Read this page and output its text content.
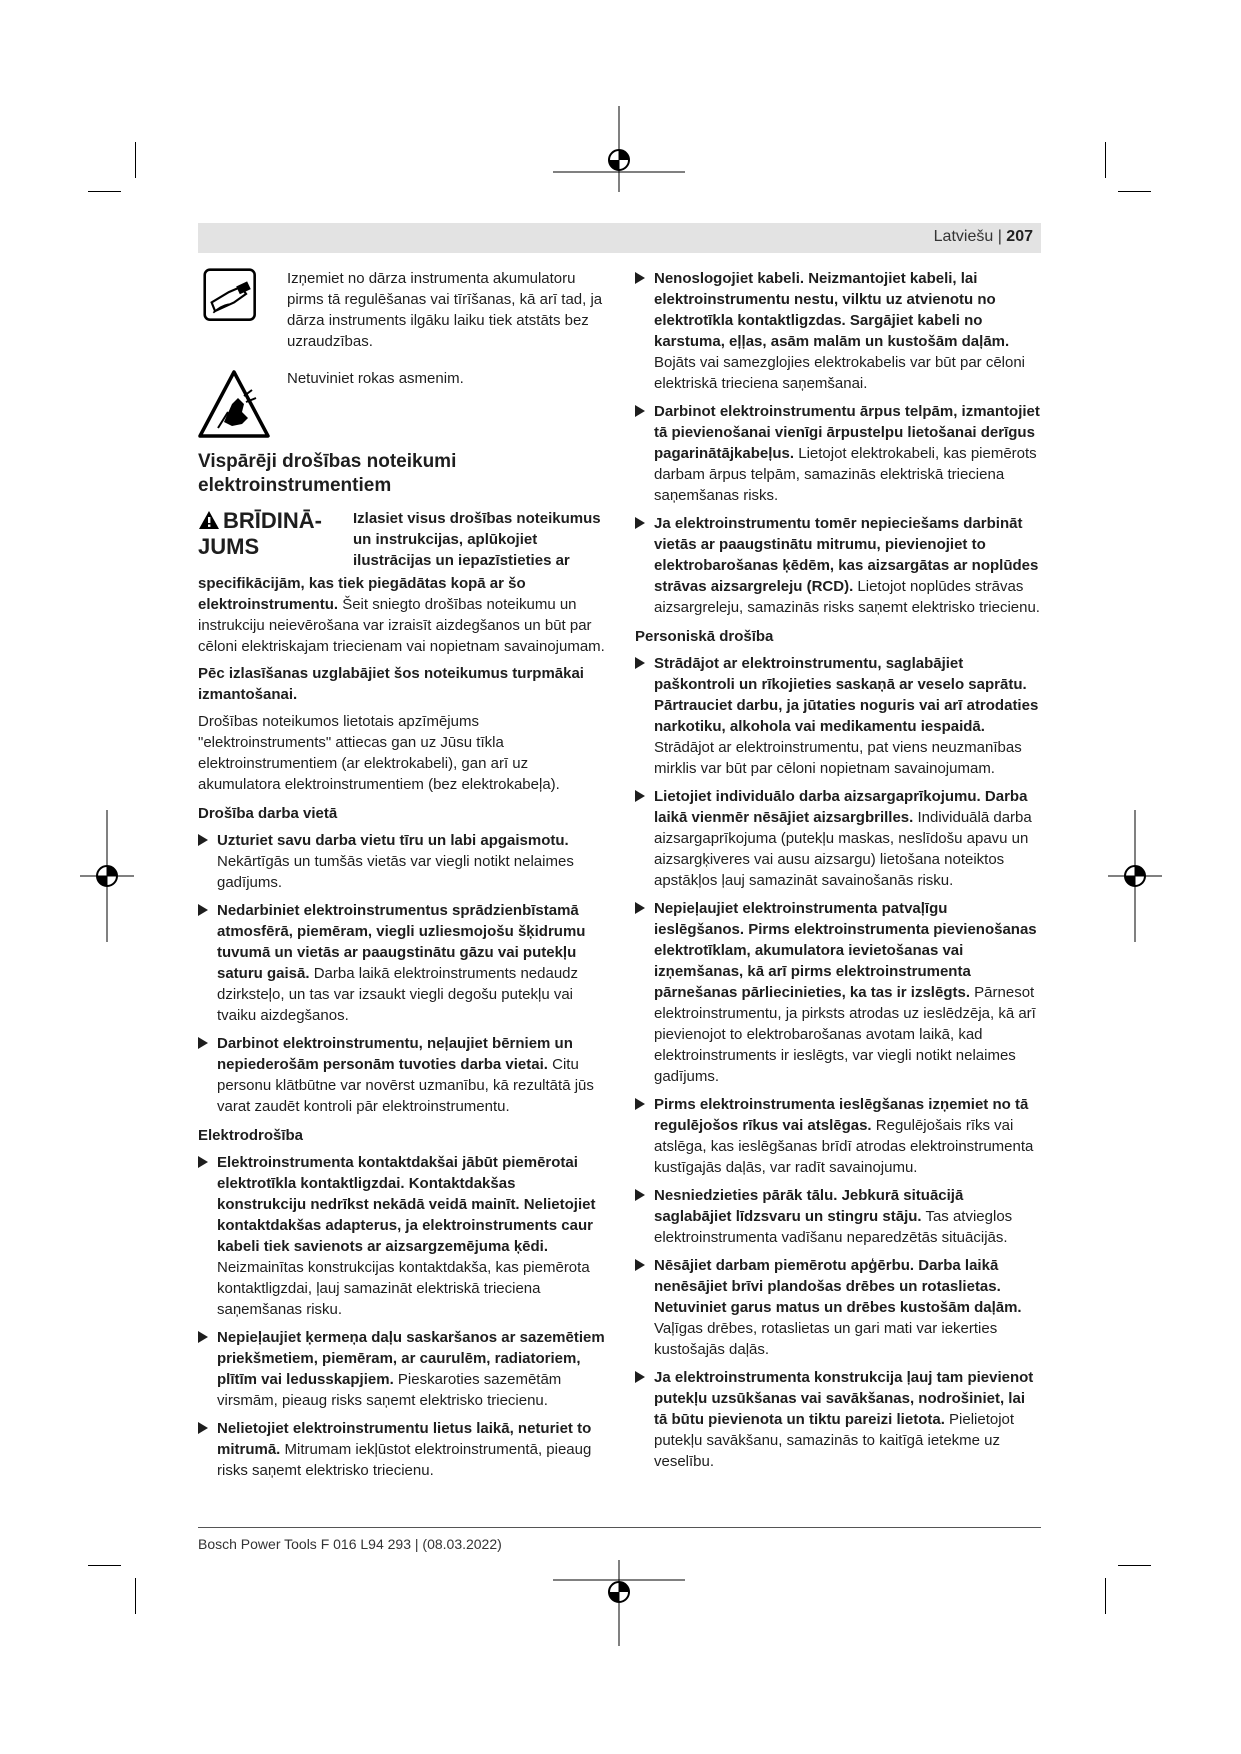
Latviešu | 207
Izņemiet no dārza instrumenta akumulatoru pirms tā regulēšanas vai tīrīšanas, kā arī tad, ja dārza instruments ilgāku laiku tiek atstāts bez uzraudzības.
Netuviniet rokas asmenim.
Vispārēji drošības noteikumi elektroinstrumentiem
BRĪDINĀ-JUMS
Izlasiet visus drošības noteikumus un instrukcijas, aplūkojiet ilustrācijas un iepazīstieties ar
specifikācijām, kas tiek piegādātas kopā ar šo elektroinstrumentu. Šeit sniegto drošības noteikumu un instrukciju neievērošana var izraisīt aizdegšanos un būt par cēloni elektriskajam triecienam vai nopietnam savainojumam.
Pēc izlasīšanas uzglabājiet šos noteikumus turpmākai izmantošanai.
Drošības noteikumos lietotais apzīmējums "elektroinstruments" attiecas gan uz Jūsu tīkla elektroinstrumentiem (ar elektrokabeli), gan arī uz akumulatora elektroinstrumentiem (bez elektrokabeļa).
Drošība darba vietā
Uzturiet savu darba vietu tīru un labi apgaismotu. Nekārtīgās un tumšās vietās var viegli notikt nelaimes gadījums.
Nedarbiniet elektroinstrumentus sprādzienbīstamā atmosfērā, piemēram, viegli uzliesmojošu šķidrumu tuvumā un vietās ar paaugstinātu gāzu vai putekļu saturu gaisā. Darba laikā elektroinstruments nedaudz dzirksteļo, un tas var izsaukt viegli degošu putekļu vai tvaiku aizdegšanos.
Darbinot elektroinstrumentu, neļaujiet bērniem un nepiederošām personām tuvoties darba vietai. Citu personu klātbūtne var novērst uzmanību, kā rezultātā jūs varat zaudēt kontroli pār elektroinstrumentu.
Elektrodrošība
Elektroinstrumenta kontaktdakšai jābūt piemērotai elektrotīkla kontaktligzdai. Kontaktdakšas konstrukciju nedrīkst nekādā veidā mainīt. Nelietojiet kontaktdakšas adapterus, ja elektroinstruments caur kabeli tiek savienots ar aizsargzemējuma ķēdi. Neizmainītas konstrukcijas kontaktdakša, kas piemērota kontaktligzdai, ļauj samazināt elektriskā trieciena saņemšanas risku.
Nepieļaujiet ķermeņa daļu saskaršanos ar sazemētiem priekšmetiem, piemēram, ar caurulēm, radiatoriem, plītīm vai ledusskapjiem. Pieskaroties sazemētām virsmām, pieaug risks saņemt elektrisko triecienu.
Nelietojiet elektroinstrumentu lietus laikā, neturiet to mitrumā. Mitrumam iekļūstot elektroinstrumentā, pieaug risks saņemt elektrisko triecienu.
Nenoslogojiet kabeli. Neizmantojiet kabeli, lai elektroinstrumentu nestu, vilktu uz atvienotu no elektrotīkla kontaktligzdas. Sargājiet kabeli no karstuma, eļļas, asām malām un kustošām daļām. Bojāts vai samezglojies elektrokabelis var būt par cēloni elektriskā trieciena saņemšanai.
Darbinot elektroinstrumentu ārpus telpām, izmantojiet tā pievienošanai vienīgi ārpustelpu lietošanai derīgus pagarinātājkabeļus. Lietojot elektrokabeli, kas piemērots darbam ārpus telpām, samazinās elektriskā trieciena saņemšanas risks.
Ja elektroinstrumentu tomēr nepieciešams darbināt vietās ar paaugstinātu mitrumu, pievienojiet to elektrobarošanas ķēdēm, kas aizsargātas ar noplūdes strāvas aizsargreleju (RCD). Lietojot noplūdes strāvas aizsargreleju, samazinās risks saņemt elektrisko triecienu.
Personiskā drošība
Strādājot ar elektroinstrumentu, saglabājiet paškontroli un rīkojieties saskaņā ar veselo saprātu. Pārtrauciet darbu, ja jūtaties noguris vai arī atrodaties narkotiku, alkohola vai medikamentu iespaidā. Strādājot ar elektroinstrumentu, pat viens neuzmanības mirklis var būt par cēloni nopietnam savainojumam.
Lietojiet individuālo darba aizsargaprīkojumu. Darba laikā vienmēr nēsājiet aizsargbrilles. Individuālā darba aizsargaprīkojuma (putekļu maskas, neslīdošu apavu un aizsargķiveres vai ausu aizsargu) lietošana noteiktos apstākļos ļauj samazināt savainošanās risku.
Nepieļaujiet elektroinstrumenta patvaļīgu ieslēgšanos. Pirms elektroinstrumenta pievienošanas elektrotīklam, akumulatora ievietošanas vai izņemšanas, kā arī pirms elektroinstrumenta pārnešanas pārliecinieties, ka tas ir izslēgts. Pārnesot elektroinstrumentu, ja pirksts atrodas uz ieslēdzēja, kā arī pievienojot to elektrobarošanas avotam laikā, kad elektroinstruments ir ieslēgts, var viegli notikt nelaimes gadījums.
Pirms elektroinstrumenta ieslēgšanas izņemiet no tā regulējošos rīkus vai atslēgas. Regulējošais rīks vai atslēga, kas ieslēgšanas brīdī atrodas elektroinstrumenta kustīgajās daļās, var radīt savainojumu.
Nesniedzieties pārāk tālu. Jebkurā situācijā saglabājiet līdzsvaru un stingru stāju. Tas atvieglos elektroinstrumenta vadīšanu neparedzētās situācijās.
Nēsājiet darbam piemērotu apģērbu. Darba laikā nenēsājiet brīvi plandošas drēbes un rotaslietas. Netuviniet garus matus un drēbes kustošām daļām. Vaļīgas drēbes, rotaslietas un gari mati var iekerties kustošajās daļās.
Ja elektroinstrumenta konstrukcija ļauj tam pievienot putekļu uzsūkšanas vai savākšanas, nodrošiniet, lai tā būtu pievienota un tiktu pareizi lietota. Pielietojot putekļu savākšanu, samazinās to kaitīgā ietekme uz veselību.
Bosch Power Tools F 016 L94 293 | (08.03.2022)
